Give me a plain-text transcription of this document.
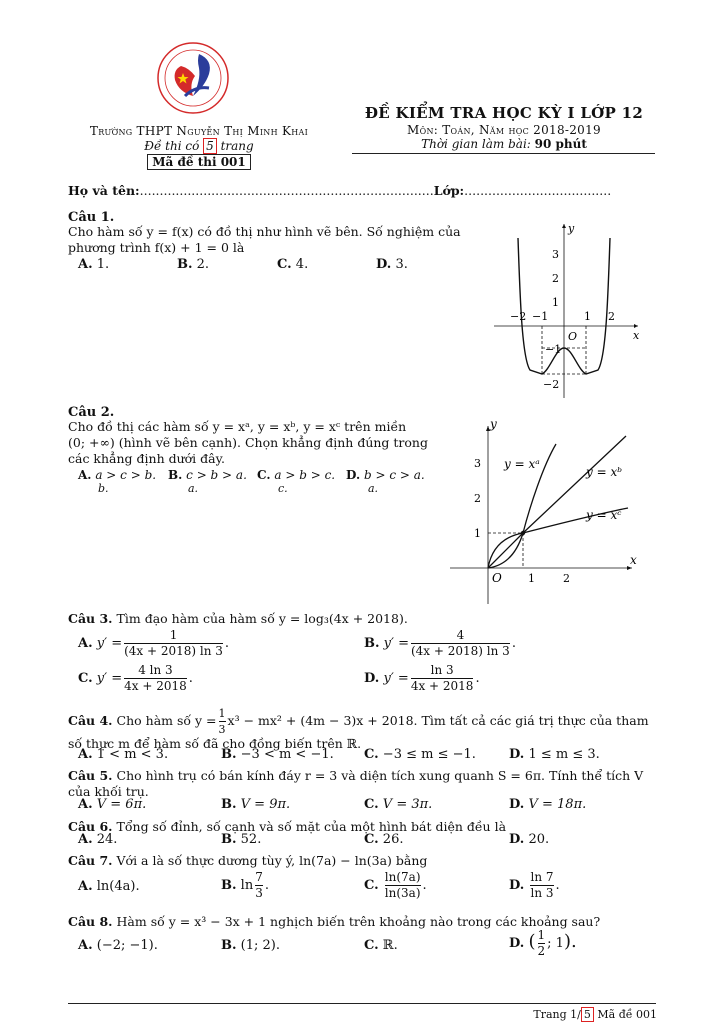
Trường THPT Nguyễn Thị Minh Khai
Đề thi có 5 trang
Mã đề thi 001
ĐỀ KIỂM TRA HỌC KỲ I LỚP 12
Môn: Toán, Năm học 2018-2019
Thời gian làm bài: 90 phút
Họ và tên:..........................................................................Lớp:.....................................
Câu 1.
Cho hàm số y = f(x) có đồ thị như hình vẽ bên. Số nghiệm của
phương trình f(x) + 1 = 0 là
A. 1.	B. 2.	C. 4.	D. 3.
y
x
O
−2 −1	1 2
3
2
1
−1
−2
Câu 2.
Cho đồ thị các hàm số y = xᵃ, y = xᵇ, y = xᶜ trên miền
(0; +∞) (hình vẽ bên cạnh). Chọn khẳng định đúng trong
các khẳng định dưới đây.
A. a > c > b.
b.
B. c > b > a.
a.
C. a > b > c.
c.
D. b > c > a.
a.
y
x
O 1	2
3
2
1
y = xᵃ
y = xᵇ
y = xᶜ
Câu 3. Tìm đạo hàm của hàm số y = log₃(4x + 2018).
A. $y' = \frac{1}{(4x + 2018) \ln 3}$ .	B. $y' = \frac{4}{(4x + 2018) \ln 3}$ .
C. $y' = \frac{4 \ln 3}{4x + 2018}$ .	D. $y' = \frac{\ln 3}{4x + 2018}$ .
Câu 4. Cho hàm số $y = \frac{1}{3} x^3 - mx^2 + (4m - 3)x + 2018$. Tìm tất cả các giá trị thực của tham
số thực m để hàm số đã cho đồng biến trên ℝ.
A. 1 < m < 3.	B. −3 < m < −1. C. −3 ≤ m ≤ −1.	D. 1 ≤ m ≤ 3.
Câu 5. Cho hình trụ có bán kính đáy r = 3 và diện tích xung quanh S = 6π. Tính thể tích V
của khối trụ.
A. V = 6π.	B. V = 9π.	C. V = 3π.	D. V = 18π.
Câu 6. Tổng số đỉnh, số cạnh và số mặt của một hình bát diện đều là
A. 24.	B. 52.	C. 26.	D. 20.
Câu 7. Với a là số thực dương tùy ý, ln(7a) − ln(3a) bằng
A. ln(4a).	B. $\ln \frac{7}{3}$ .	C. $\frac{\ln(7a)}{\ln(3a)}$ .	D. $\frac{\ln 7}{\ln 3}$ .
Câu 8. Hàm số y = x³ − 3x + 1 nghịch biến trên khoảng nào trong các khoảng sau?
A. (−2; −1).	B. (1; 2).	C. ℝ.	D. ( $\frac{1}{2}$ ; 1).
Trang 1/ 5 Mã đề 001
